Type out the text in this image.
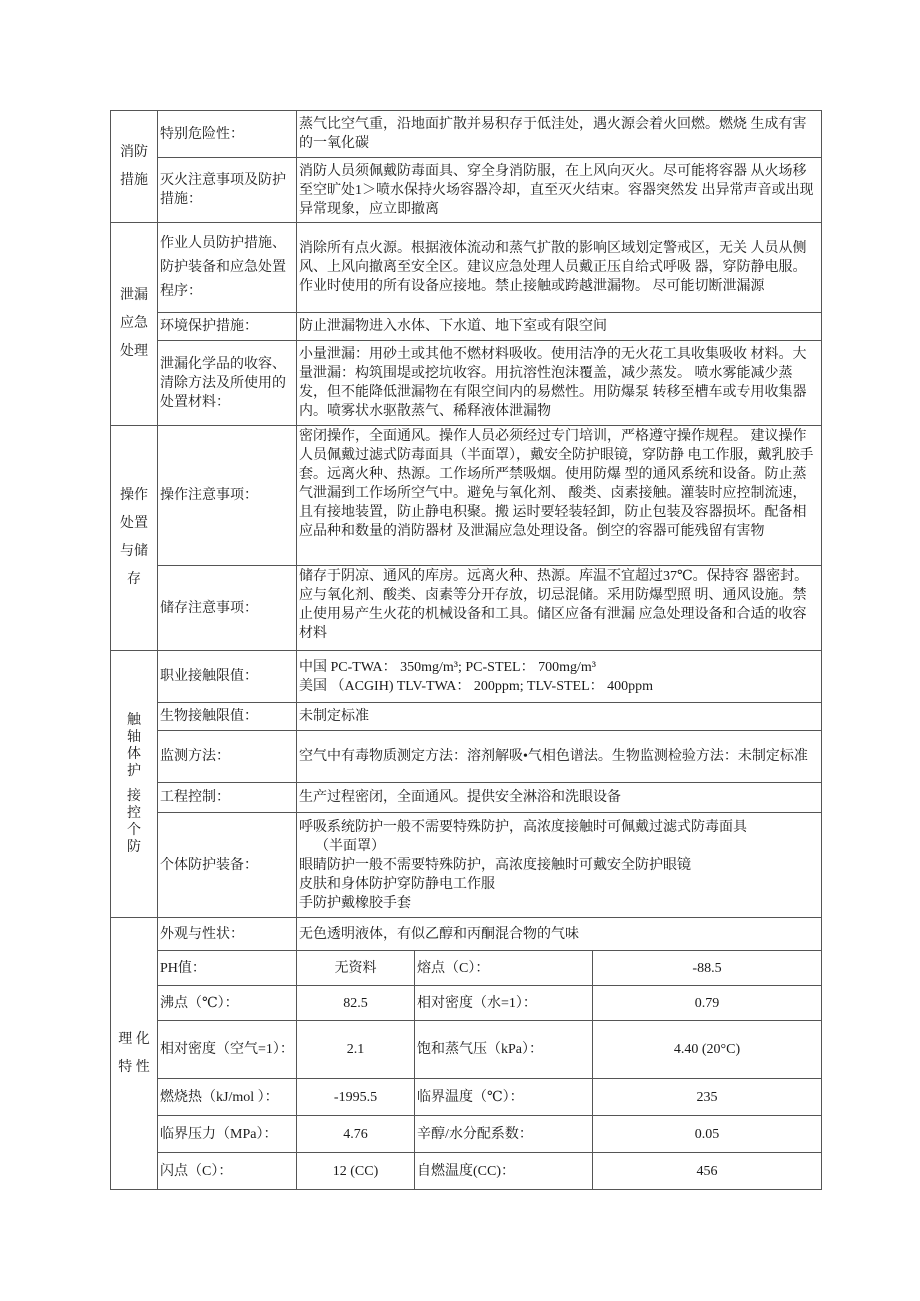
消防
措施	特别危险性：	蒸气比空气重，沿地面扩散并易积存于低洼处，遇火源会着火回燃。燃烧 生成有害的一氧化碳		
	灭火注意事项及防护措施：	消防人员须佩戴防毒面具、穿全身消防服，在上风向灭火。尽可能将容器 从火场移至空旷处1＞喷水保持火场容器冷却，直至灭火结束。容器突然发 出异常声音或出现异常现象，应立即撤离		

泄漏
应急
处理	作业人员防护措施、防护装备和应急处置程序：	消除所有点火源。根据液体流动和蒸气扩散的影响区域划定警戒区，无关 人员从侧风、上风向撤离至安全区。建议应急处理人员戴正压自给式呼吸 器，穿防静电服。作业时使用的所有设备应接地。禁止接触或跨越泄漏物。 尽可能切断泄漏源		
	环境保护措施：	防止泄漏物进入水体、下水道、地下室或有限空间		
	泄漏化学品的收容、清除方法及所使用的处置材料：	小量泄漏：用砂土或其他不燃材料吸收。使用洁净的无火花工具收集吸收 材料。大量泄漏：构筑围堤或挖坑收容。用抗溶性泡沫覆盖，减少蒸发。 喷水雾能减少蒸发，但不能降低泄漏物在有限空间内的易燃性。用防爆泵 转移至槽车或专用收集器内。喷雾状水驱散蒸气、稀释液体泄漏物		

操作
处置
与储
存
	操作注意事项：	密闭操作，全面通风。操作人员必须经过专门培训，严格遵守操作规程。 建议操作人员佩戴过滤式防毒面具（半面罩），戴安全防护眼镜，穿防静 电工作服，戴乳胶手套。远离火种、热源。工作场所严禁吸烟。使用防爆 型的通风系统和设备。防止蒸气泄漏到工作场所空气中。避免与氧化剂、 酸类、卤素接触。灌装时应控制流速，且有接地装置，防止静电积聚。搬 运时要轻装轻卸，防止包装及容器损坏。配备相应品种和数量的消防器材 及泄漏应急处理设备。倒空的容器可能残留有害物
	储存注意事项：	储存于阴凉、通风的库房。远离火种、热源。库温不宜超过37℃。保持容 器密封。应与氧化剂、酸类、卤素等分开存放，切忌混储。采用防爆型照 明、通风设施。禁止使用易产生火花的机械设备和工具。储区应备有泄漏 应急处理设备和合适的收容材料		

触
轴
体
护
接
控
个
防
	职业接触限值：	
中国 PC-TWA： 350mg/m³; PC-STEL： 700mg/m³
美国 （ACGIH) TLV-TWA： 200ppm; TLV-STEL： 400ppm

	生物接触限值：	未制定标准		
	监测方法：	空气中有毒物质测定方法：溶剂解吸•气相色谱法。生物监测检验方法：未制定标准		
	工程控制：	生产过程密闭，全面通风。提供安全淋浴和洗眼设备		
	个体防护装备：	呼吸系统防护一般不需要特殊防护，高浓度接触时可佩戴过滤式防毒面具
（半面罩）
眼睛防护一般不需要特殊防护，高浓度接触时可戴安全防护眼镜
皮肤和身体防护穿防静电工作服
手防护戴橡胶手套		

理 化
特 性	外观与性状：	无色透明液体，有似乙醇和丙酮混合物的气味		
	PH值：	无资料	熔点（C）：	-88.5
	沸点（℃）：	82.5	相对密度（水=1）：	0.79
	相对密度（空气=1）：	2.1	饱和蒸气压（kPa）：	4.40 (20°C)
	燃烧热（kJ/mol ）：	-1995.5	临界温度（℃）：	235
	临界压力（MPa）：	4.76	辛醇/水分配系数：	0.05
	闪点（C）：	12 (CC)	自燃温度(CC)：	456
